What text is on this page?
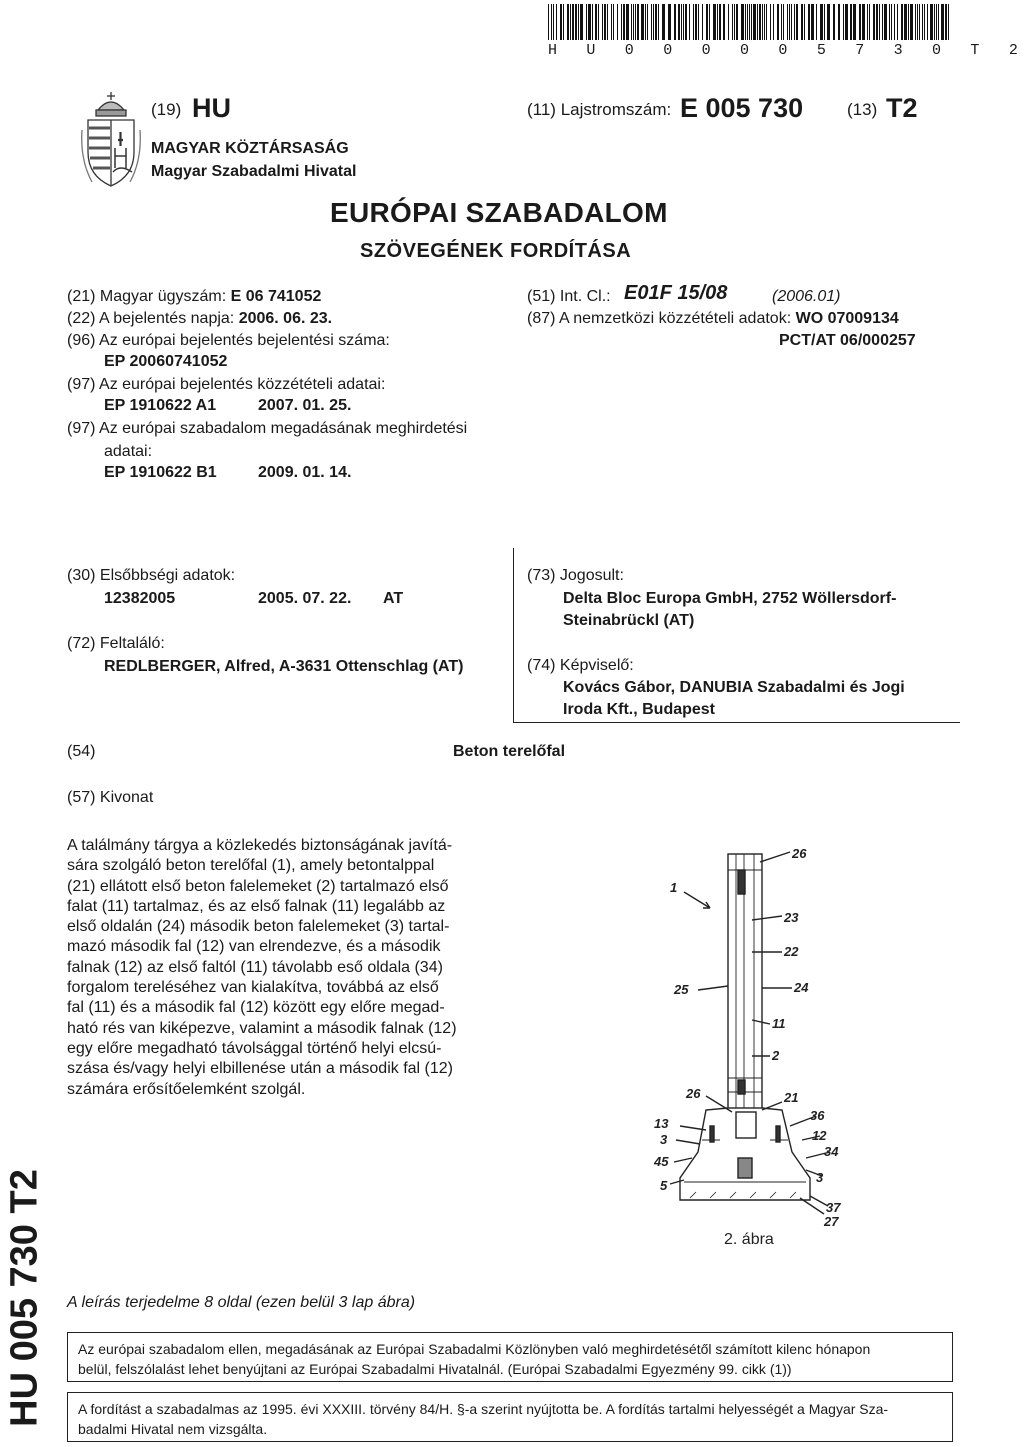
H U 0 0 0 0 0 5 7 3 0 T 2
(19) HU
MAGYAR KÖZTÁRSASÁG
Magyar Szabadalmi Hivatal
(11) Lajstromszám: E 005 730	(13) T2
EURÓPAI SZABADALOM
SZÖVEGÉNEK FORDÍTÁSA
(21) Magyar ügyszám: E 06 741052
(22) A bejelentés napja: 2006. 06. 23.
(96) Az európai bejelentés bejelentési száma:
EP 20060741052
(97) Az európai bejelentés közzétételi adatai:
EP 1910622 A1	2007. 01. 25.
(97) Az európai szabadalom megadásának meghirdetési
adatai:
EP 1910622 B1	2009. 01. 14.
(51) Int. Cl.: E01F 15/08	(2006.01)
(87) A nemzetközi közzétételi adatok: WO 07009134
PCT/AT 06/000257
(30) Elsőbbségi adatok:
12382005	2005. 07. 22. AT
(72) Feltaláló:
REDLBERGER, Alfred, A-3631 Ottenschlag (AT)
(73) Jogosult:
Delta Bloc Europa GmbH, 2752 Wöllersdorf-
Steinabrückl (AT)
(74) Képviselő:
Kovács Gábor, DANUBIA Szabadalmi és Jogi
Iroda Kft., Budapest
(54)	Beton terelőfal
(57) Kivonat

A találmány tárgya a közlekedés biztonságának javítá-

sára szolgáló beton terelőfal (1), amely betontalppal

(21) ellátott első beton falelemeket (2) tartalmazó első

falat (11) tartalmaz, és az első falnak (11) legalább az

első oldalán (24) második beton falelemeket (3) tartal-

mazó második fal (12) van elrendezve, és a második

falnak (12) az első faltól (11) távolabb eső oldala (34)

forgalom tereléséhez van kialakítva, továbbá az első

fal (11) és a második fal (12) között egy előre megad-

ható rés van kiképezve, valamint a második falnak (12)

egy előre megadható távolsággal történő helyi elcsú-

szása és/vagy helyi elbillenése után a második fal (12)

számára erősítőelemként szolgál.

26
1
23
22
25	24
11
2
26	21
13
36
3	12
45
34
5
3
37
27
2. ábra
A leírás terjedelme 8 oldal (ezen belül 3 lap ábra)
Az európai szabadalom ellen, megadásának az Európai Szabadalmi Közlönyben való meghirdetésétől számított kilenc hónapon
belül, felszólalást lehet benyújtani az Európai Szabadalmi Hivatalnál. (Európai Szabadalmi Egyezmény 99. cikk (1))
A fordítást a szabadalmas az 1995. évi XXXIII. törvény 84/H. §-a szerint nyújtotta be. A fordítás tartalmi helyességét a Magyar Sza-
badalmi Hivatal nem vizsgálta.
HU 005 730 T2
